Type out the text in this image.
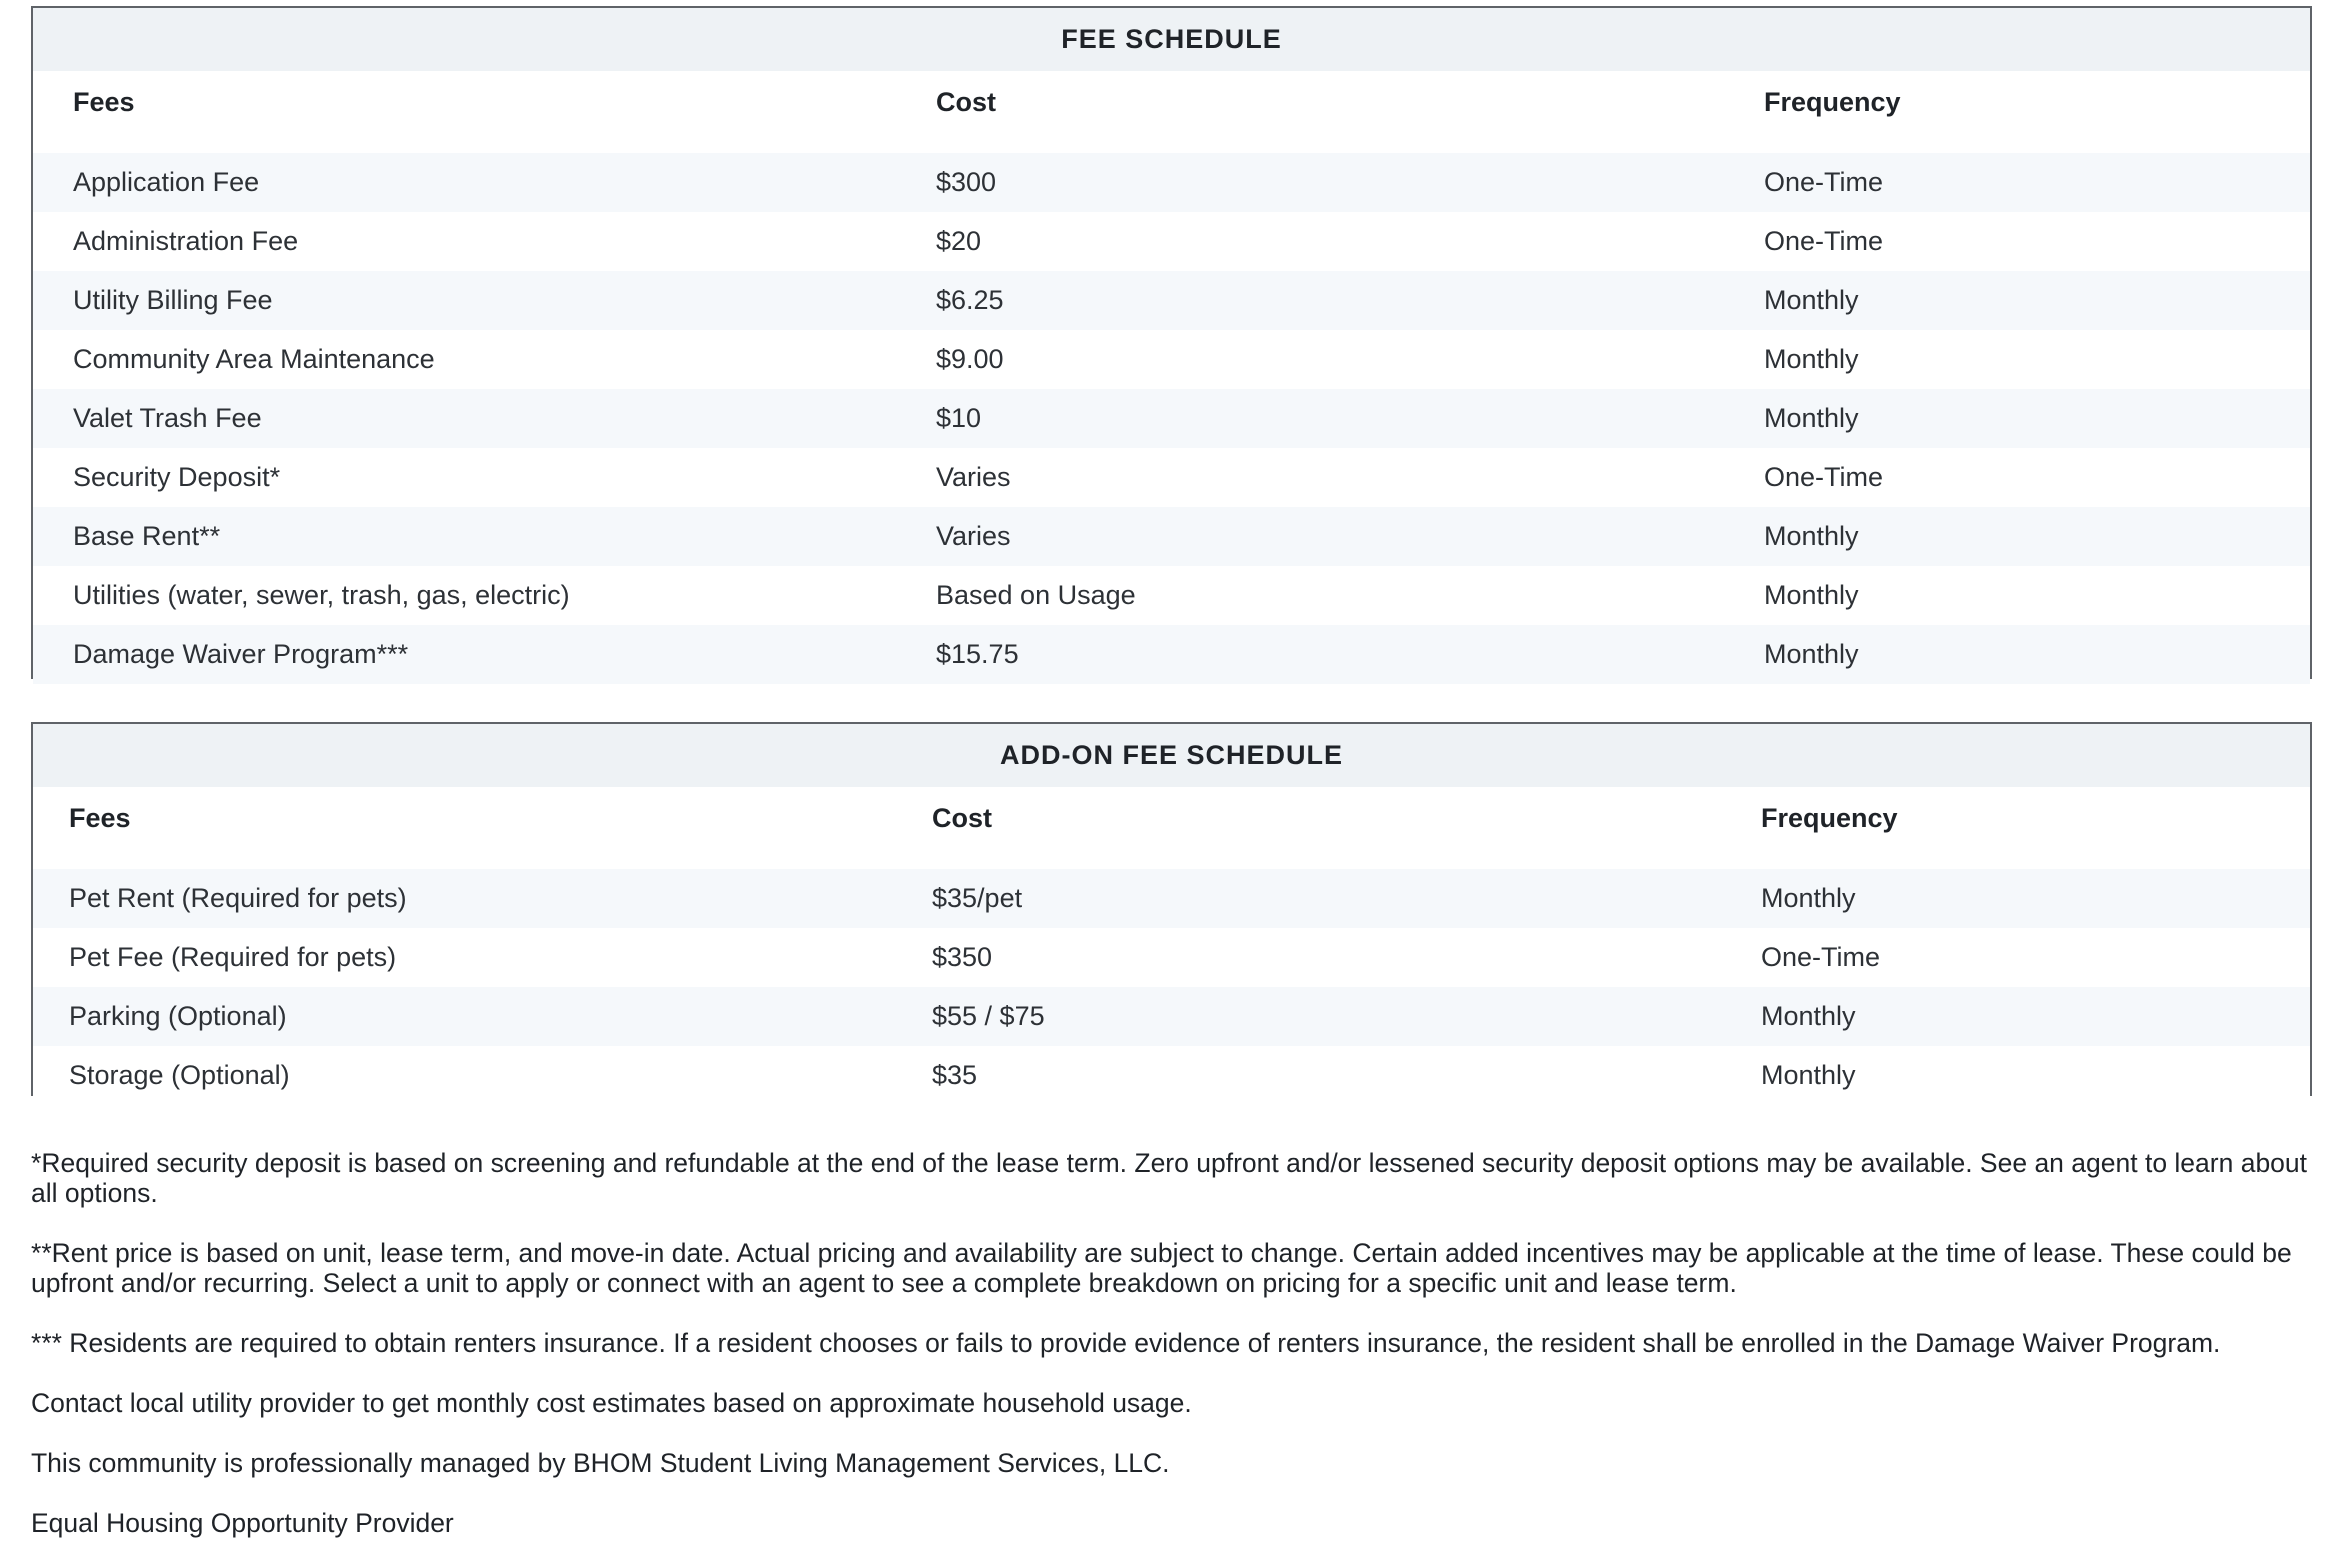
FEE SCHEDULE
Fees	Cost	Frequency
Application Fee	$300	One-Time
Administration Fee	$20	One-Time
Utility Billing Fee	$6.25	Monthly
Community Area Maintenance	$9.00	Monthly
Valet Trash Fee	$10	Monthly
Security Deposit*	Varies	One-Time
Base Rent**	Varies	Monthly
Utilities (water, sewer, trash, gas, electric)	Based on Usage	Monthly
Damage Waiver Program***	$15.75	Monthly
ADD-ON FEE SCHEDULE
Fees	Cost	Frequency
Pet Rent (Required for pets)	$35/pet	Monthly
Pet Fee (Required for pets)	$350	One-Time
Parking (Optional)	$55 / $75	Monthly
Storage (Optional)	$35	Monthly

*Required security deposit is based on screening and refundable at the end of the lease term. Zero upfront and/or lessened security deposit options may be available. See an agent to learn about all options.

**Rent price is based on unit, lease term, and move-in date. Actual pricing and availability are subject to change. Certain added incentives may be applicable at the time of lease. These could be upfront and/or recurring. Select a unit to apply or connect with an agent to see a complete breakdown on pricing for a specific unit and lease term.

*** Residents are required to obtain renters insurance. If a resident chooses or fails to provide evidence of renters insurance, the resident shall be enrolled in the Damage Waiver Program.

Contact local utility provider to get monthly cost estimates based on approximate household usage.

This community is professionally managed by BHOM Student Living Management Services, LLC.

Equal Housing Opportunity Provider
